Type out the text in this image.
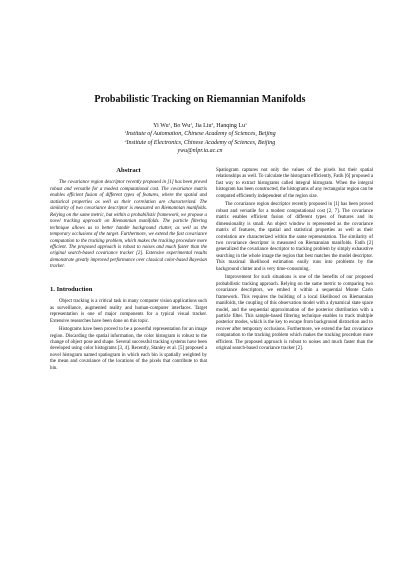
Probabilistic Tracking on Riemannian Manifolds
Yi Wu$^1$, Bo Wu$^1$, Jia Liu$^2$, Hanqing Lu$^1$
$^1$Institute of Automation, Chinese Academy of Sciences, Beijing
$^2$Institute of Electronics, Chinese Academy of Sciences, Beijing
ywu@nlpr.ia.ac.cn
Abstract
The covariance region descriptor recently proposed in [1] has been proved robust and versatile for a modest computational cost. The covariance matrix enables efficient fusion of different types of features, where the spatial and statistical properties as well as their correlation are characterized. The similarity of two covariance descriptor is measured on Riemannian manifolds. Relying on the same metric, but within a probabilistic framework, we propose a novel tracking approach on Riemannian manifolds. The particle filtering technique allows us to better handle background clutter, as well as the temporary occlusions of the target. Furthermore, we extend the fast covariance computation to the tracking problem, which makes the tracking procedure more efficient. The proposed approach is robust to noises and much faster than the original search-based covariance tracker [2]. Extensive experimental results demonstrate greatly improved performance over classical color-based Bayesian tracker.
1. Introduction
Object tracking is a critical task in many computer vision applications such as surveillance, augmented reality and human-computer interfaces. Target representation is one of major components for a typical visual tracker. Extensive researches have been done on this topic.
Histograms have been proved to be a powerful representation for an image region. Discarding the spatial information, the color histogram is robust to the change of object pose and shape. Several successful tracking systems have been developed using color histograms [3, 4]. Recently, Stanley et al. [5] proposed a novel histogram named spatiogram in which each bin is spatially weighted by the mean and covariance of the locations of the pixels that contribute to that bin.
Spatiogram captures not only the values of the pixels but their spatial relationships as well. To calculate the histogram efficiently, Fatih [6] proposed a fast way to extract histograms called integral histogram. When the integral histogram has been constructed, the histograms of any rectangular region can be computed efficiently independent of the region size.
The covariance region descriptor recently proposed in [1] has been proved robust and versatile for a modest computational cost [2, 7]. The covariance matrix enables efficient fusion of different types of features and its dimensionality is small. An object window is represented as the covariance matrix of features, the spatial and statistical properties as well as their correlation are characterized within the same representation. The similarity of two covariance descriptor is measured on Riemannian manifolds. Fatih [2] generalized the covariance descriptor to tracking problem by simply exhaustive searching in the whole image the region that best matches the model descriptor. This maximal likelihood estimation easily runs into problems by the background clutter and is very time-consuming.
Improvement for such situations is one of the benefits of our proposed probabilistic tracking approach. Relying on the same metric to comparing two covariance descriptors, we embed it within a sequential Monte Carlo framework. This requires the building of a local likelihood on Riemannian manifolds, the coupling of this observation model with a dynamical state space model, and the sequential approximation of the posterior distribution with a particle filter. This sample-based filtering technique enables to track multiple posterior modes, which is the key to escape from background distraction and to recover after temporary occlusions. Furthermore, we extend the fast covariance computation to the tracking problem which makes the tracking procedure more efficient. The proposed approach is robust to noises and much faster than the original search-based covariance tracker [2].
